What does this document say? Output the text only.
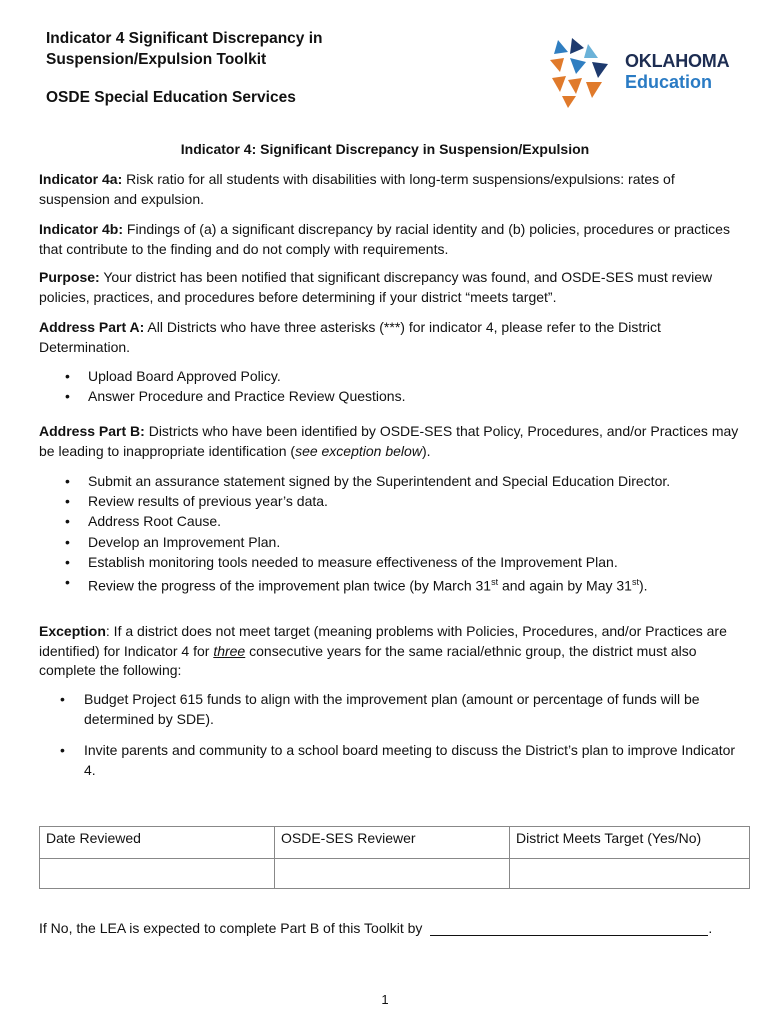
Indicator 4 Significant Discrepancy in Suspension/Expulsion Toolkit
OSDE Special Education Services
OKLAHOMA
Education
Indicator 4: Significant Discrepancy in Suspension/Expulsion
Indicator 4a: Risk ratio for all students with disabilities with long-term suspensions/expulsions: rates of suspension and expulsion.
Indicator 4b: Findings of (a) a significant discrepancy by racial identity and (b) policies, procedures or practices that contribute to the finding and do not comply with requirements.
Purpose: Your district has been notified that significant discrepancy was found, and OSDE-SES must review policies, practices, and procedures before determining if your district “meets target”.
Address Part A: All Districts who have three asterisks (***) for indicator 4, please refer to the District Determination.
• Upload Board Approved Policy.
• Answer Procedure and Practice Review Questions.
Address Part B: Districts who have been identified by OSDE-SES that Policy, Procedures, and/or Practices may be leading to inappropriate identification (see exception below).
• Submit an assurance statement signed by the Superintendent and Special Education Director.
• Review results of previous year’s data.
• Address Root Cause.
• Develop an Improvement Plan.
• Establish monitoring tools needed to measure effectiveness of the Improvement Plan.
• Review the progress of the improvement plan twice (by March 31st and again by May 31st).
Exception: If a district does not meet target (meaning problems with Policies, Procedures, and/or Practices are identified) for Indicator 4 for three consecutive years for the same racial/ethnic group, the district must also complete the following:
• Budget Project 615 funds to align with the improvement plan (amount or percentage of funds will be determined by SDE).
• Invite parents and community to a school board meeting to discuss the District’s plan to improve Indicator 4.
Date Reviewed	OSDE-SES Reviewer	District Meets Target (Yes/No)

If No, the LEA is expected to complete Part B of this Toolkit by	.
1
